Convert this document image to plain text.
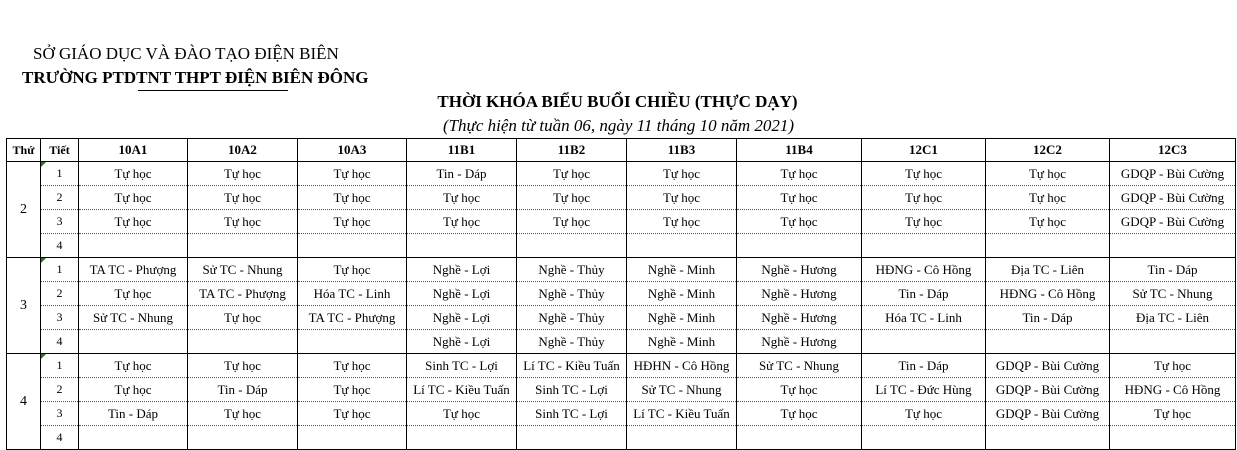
SỞ GIÁO DỤC VÀ ĐÀO TẠO ĐIỆN BIÊN
TRƯỜNG PTDTNT THPT ĐIỆN BIÊN ĐÔNG
THỜI KHÓA BIỂU BUỔI CHIỀU (THỰC DẠY)
(Thực hiện từ tuần 06, ngày 11 tháng 10 năm 2021)
Thứ	Tiết	10A1	10A2	10A3	11B1	11B2	11B3	11B4	12C1	12C2	12C3
2	1	Tự học	Tự học	Tự học	Tin - Dáp	Tự học	Tự học	Tự học	Tự học	Tự học	GDQP - Bùi Cường
	2	Tự học	Tự học	Tự học	Tự học	Tự học	Tự học	Tự học	Tự học	Tự học	GDQP - Bùi Cường
	3	Tự học	Tự học	Tự học	Tự học	Tự học	Tự học	Tự học	Tự học	Tự học	GDQP - Bùi Cường
	4										
3	1	TA TC - Phượng	Sử TC - Nhung	Tự học	Nghề - Lợi	Nghề - Thủy	Nghề - Minh	Nghề - Hương	HĐNG - Cô Hồng	Địa TC - Liên	Tin - Dáp
	2	Tự học	TA TC - Phượng	Hóa TC - Linh	Nghề - Lợi	Nghề - Thủy	Nghề - Minh	Nghề - Hương	Tin - Dáp	HĐNG - Cô Hồng	Sử TC - Nhung
	3	Sử TC - Nhung	Tự học	TA TC - Phượng	Nghề - Lợi	Nghề - Thủy	Nghề - Minh	Nghề - Hương	Hóa TC - Linh	Tin - Dáp	Địa TC - Liên
	4				Nghề - Lợi	Nghề - Thủy	Nghề - Minh	Nghề - Hương			
4	1	Tự học	Tự học	Tự học	Sinh TC - Lợi	Lí TC - Kiều Tuấn	HĐHN - Cô Hồng	Sử TC - Nhung	Tin - Dáp	GDQP - Bùi Cường	Tự học
	2	Tự học	Tin - Dáp	Tự học	Lí TC - Kiều Tuấn	Sinh TC - Lợi	Sử TC - Nhung	Tự học	Lí TC - Đức Hùng	GDQP - Bùi Cường	HĐNG - Cô Hồng
	3	Tin - Dáp	Tự học	Tự học	Tự học	Sinh TC - Lợi	Lí TC - Kiều Tuấn	Tự học	Tự học	GDQP - Bùi Cường	Tự học
	4										
